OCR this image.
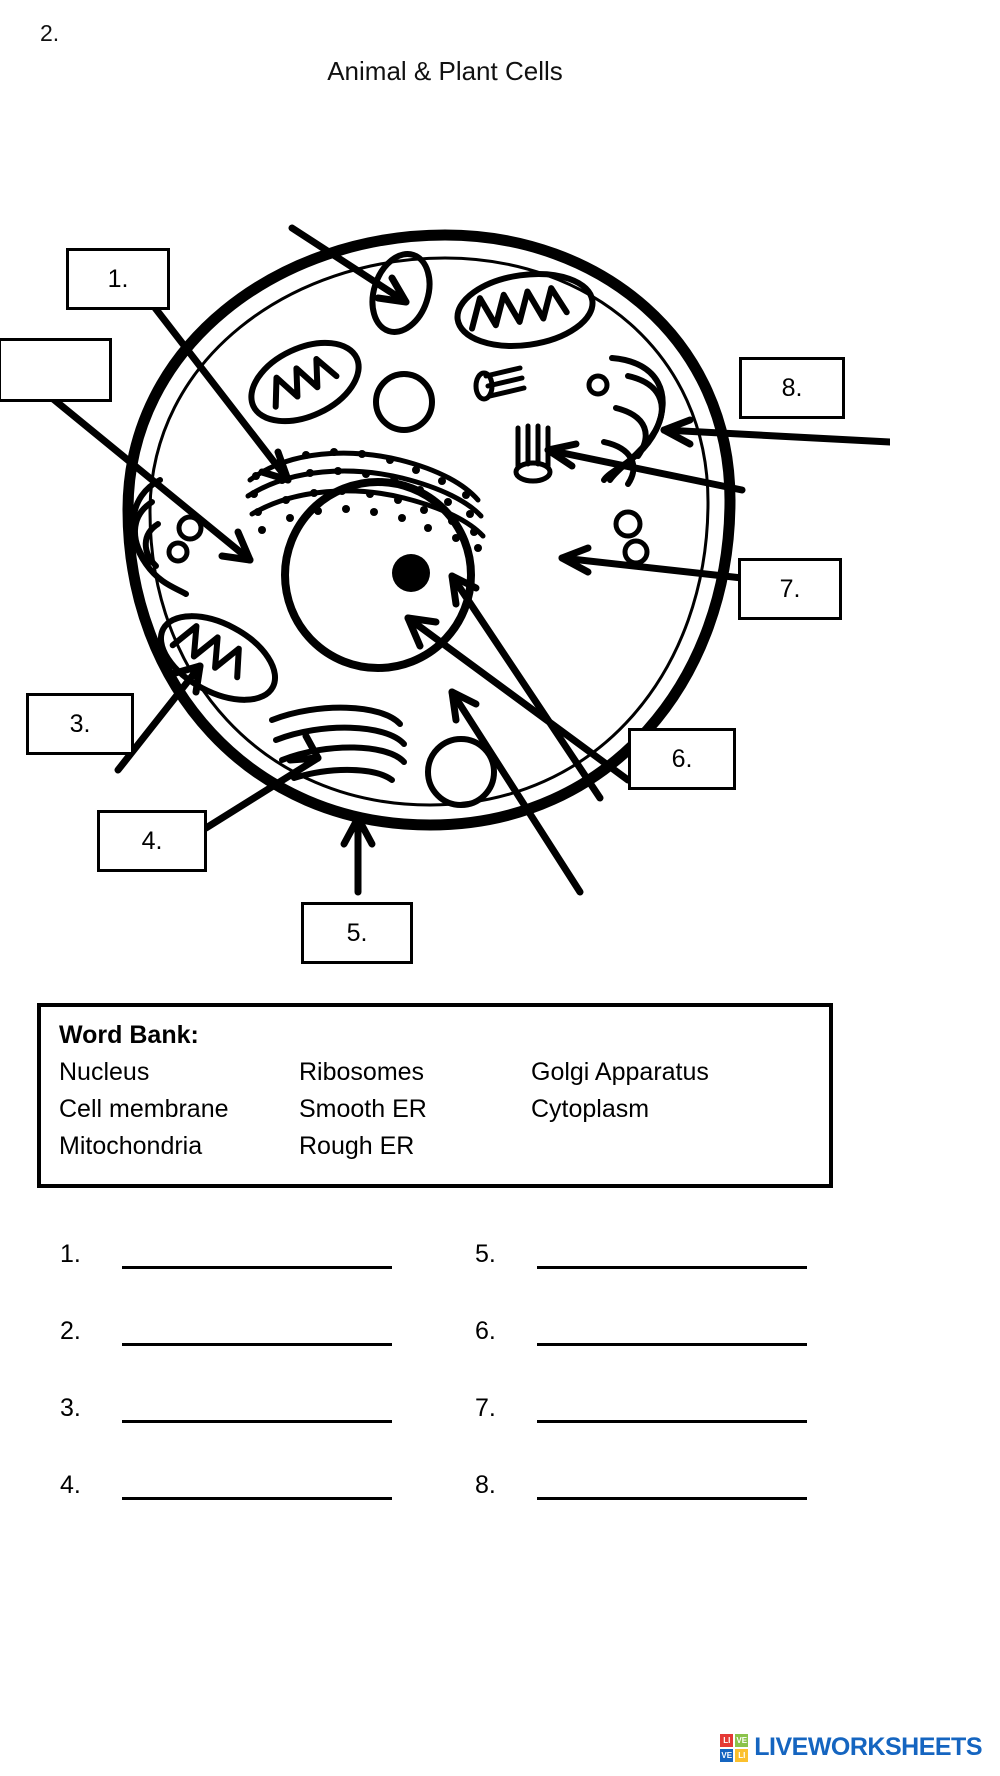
2.
Animal & Plant Cells
1.
8.
7.
3.
6.
4.
5.
Word Bank:
Nucleus	Ribosomes	Golgi Apparatus
Cell membrane	Smooth ER	Cytoplasm
Mitochondria	Rough ER
1.	5.
2.	6.
3.	7.
4.	8.
LI VE
VE LI LIVEWORKSHEETS
